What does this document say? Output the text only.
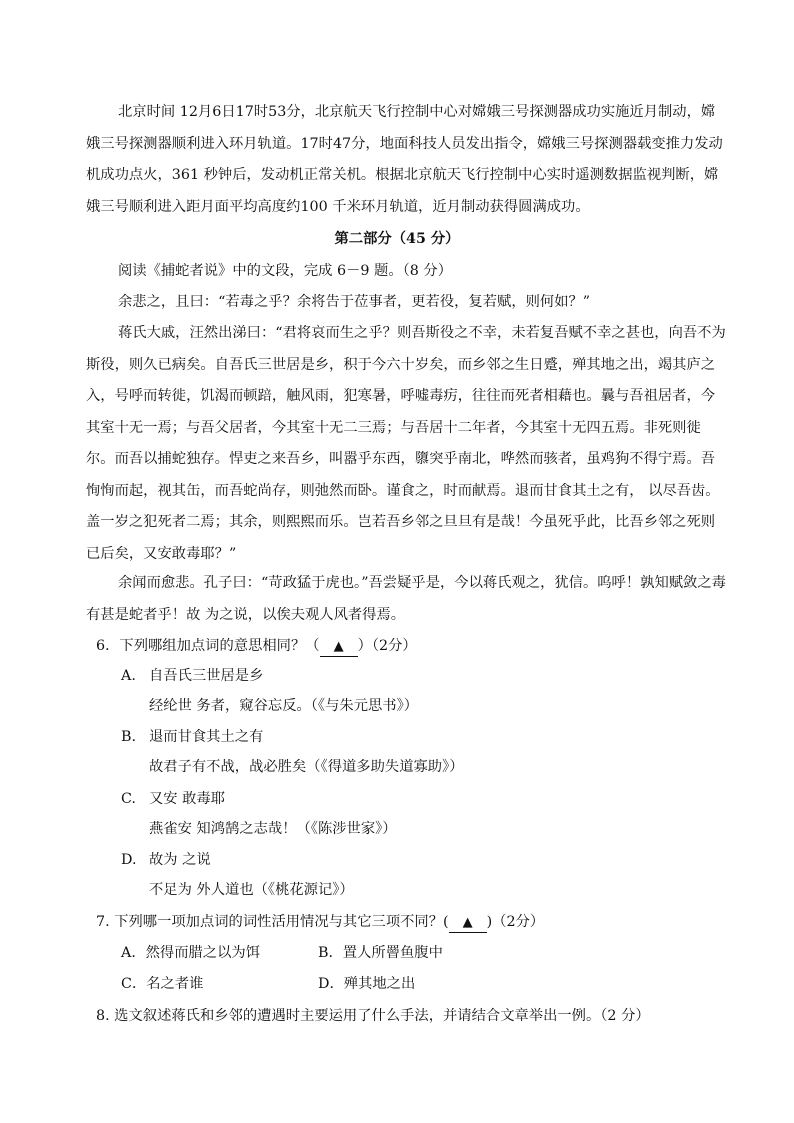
北京时间 12月6日17时53分，北京航天飞行控制中心对嫦娥三号探测器成功实施近月制动，嫦娥三号探测器顺利进入环月轨道。17时47分，地面科技人员发出指令，嫦娥三号探测器载变推力发动机成功点火，361 秒钟后，发动机正常关机。根据北京航天飞行控制中心实时遥测数据监视判断，嫦娥三号顺利进入距月面平均高度约100 千米环月轨道，近月制动获得圆满成功。

第二部分（45 分）

阅读《捕蛇者说》中的文段，完成 6－9 题。（8 分）

余悲之，且曰：“若毒之乎？余将告于莅事者，更若役，复若赋，则何如？”

蒋氏大戚，汪然出涕曰：“君将哀而生之乎？则吾斯役之不幸，未若复吾赋不幸之甚也，向吾不为斯役，则久已病矣。自吾氏三世居是乡，积于今六十岁矣，而乡邻之生日蹙，殚其地之出，竭其庐之入，号呼而转徙，饥渴而顿踣，触风雨，犯寒暑，呼嘘毒疠，往往而死者相藉也。曩与吾祖居者，今其室十无一焉；与吾父居者，今其室十无二三焉；与吾居十二年者，今其室十无四五焉。非死则徙尔。而吾以捕蛇独存。悍吏之来吾乡，叫嚣乎东西，隳突乎南北，哗然而骇者，虽鸡狗不得宁焉。吾恂恂而起，视其缶，而吾蛇尚存，则弛然而卧。谨食之，时而献焉。退而甘食其土之有， 以尽吾齿。盖一岁之犯死者二焉；其余，则熙熙而乐。岂若吾乡邻之旦旦有是哉！今虽死乎此，比吾乡邻之死则已后矣，又安敢毒耶？”

余闻而愈悲。孔子曰：“苛政猛于虎也。”吾尝疑乎是，今以蒋氏观之，犹信。呜呼！孰知赋敛之毒有甚是蛇者乎！故 为之说，以俟夫观人风者得焉。

6．下列哪组加点词的意思相同？（ ▲ ）（2分）
A. 自吾氏三世居是乡
经纶世 务者，窥谷忘反。（《与朱元思书》）
B. 退而甘食其土之有
故君子有不战，战必胜矣（《得道多助失道寡助》）
C. 又安 敢毒耶
燕雀安 知鸿鹄之志哉！（《陈涉世家》）
D. 故为 之说
不足为 外人道也（《桃花源记》）
7. 下列哪一项加点词的词性活用情况与其它三项不同？( ▲ )（2分）
A．然得而腊之以为饵	B．置人所罾鱼腹中
C．名之者谁	D．殚其地之出
8. 选文叙述蒋氏和乡邻的遭遇时主要运用了什么手法，并请结合文章举出一例。（2 分）
